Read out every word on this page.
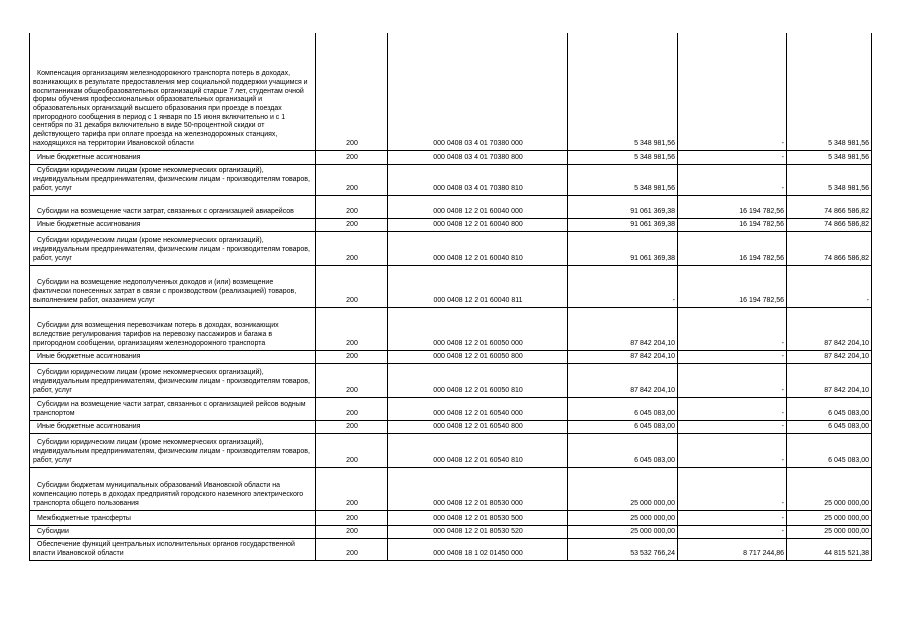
Компенсация организациям железнодорожного транспорта потерь в доходах, возникающих в результате предоставления мер социальной поддержки учащимся и воспитанникам общеобразовательных организаций старше 7 лет, студентам очной формы обучения профессиональных образовательных организаций и образовательных организаций высшего образования при проезде в поездах пригородного сообщения в период с 1 января по 15 июня включительно и с 1 сентября по 31 декабря включительно в виде 50-процентной скидки от действующего тарифа при оплате проезда на железнодорожных станциях, находящихся на территории Ивановской области	200	000 0408 03 4 01 70380 000	5 348 981,56	-	5 348 981,56

Иные бюджетные ассигнования	200	000 0408 03 4 01 70380 800	5 348 981,56	-	5 348 981,56

Субсидии юридическим лицам (кроме некоммерческих организаций), индивидуальным предпринимателям, физическим лицам - производителям товаров, работ, услуг	200	000 0408 03 4 01 70380 810	5 348 981,56	-	5 348 981,56

Субсидии на возмещение части затрат, связанных с организацией авиарейсов	200	000 0408 12 2 01 60040 000	91 061 369,38	16 194 782,56	74 866 586,82

Иные бюджетные ассигнования	200	000 0408 12 2 01 60040 800	91 061 369,38	16 194 782,56	74 866 586,82

Субсидии юридическим лицам (кроме некоммерческих организаций), индивидуальным предпринимателям, физическим лицам - производителям товаров, работ, услуг	200	000 0408 12 2 01 60040 810	91 061 369,38	16 194 782,56	74 866 586,82

Субсидии на возмещение недополученных доходов и (или) возмещение фактически понесенных затрат в связи с производством (реализацией) товаров, выполнением работ, оказанием услуг	200	000 0408 12 2 01 60040 811	-	16 194 782,56	-

Субсидии для возмещения перевозчикам потерь в доходах, возникающих вследствие регулирования тарифов на перевозку пассажиров и багажа в пригородном сообщении, организациям железнодорожного транспорта	200	000 0408 12 2 01 60050 000	87 842 204,10	-	87 842 204,10

Иные бюджетные ассигнования	200	000 0408 12 2 01 60050 800	87 842 204,10	-	87 842 204,10

Субсидии юридическим лицам (кроме некоммерческих организаций), индивидуальным предпринимателям, физическим лицам - производителям товаров, работ, услуг	200	000 0408 12 2 01 60050 810	87 842 204,10	-	87 842 204,10

Субсидии на возмещение части затрат, связанных с организацией рейсов водным транспортом	200	000 0408 12 2 01 60540 000	6 045 083,00	-	6 045 083,00

Иные бюджетные ассигнования	200	000 0408 12 2 01 60540 800	6 045 083,00	-	6 045 083,00

Субсидии юридическим лицам (кроме некоммерческих организаций), индивидуальным предпринимателям, физическим лицам - производителям товаров, работ, услуг	200	000 0408 12 2 01 60540 810	6 045 083,00	-	6 045 083,00

Субсидии бюджетам муниципальных образований Ивановской области на компенсацию потерь в доходах предприятий городского наземного электрического транспорта общего пользования	200	000 0408 12 2 01 80530 000	25 000 000,00	-	25 000 000,00

Межбюджетные трансферты	200	000 0408 12 2 01 80530 500	25 000 000,00	-	25 000 000,00

Субсидии	200	000 0408 12 2 01 80530 520	25 000 000,00	-	25 000 000,00

Обеспечение функций центральных исполнительных органов государственной власти Ивановской области	200	000 0408 18 1 02 01450 000	53 532 766,24	8 717 244,86	44 815 521,38
